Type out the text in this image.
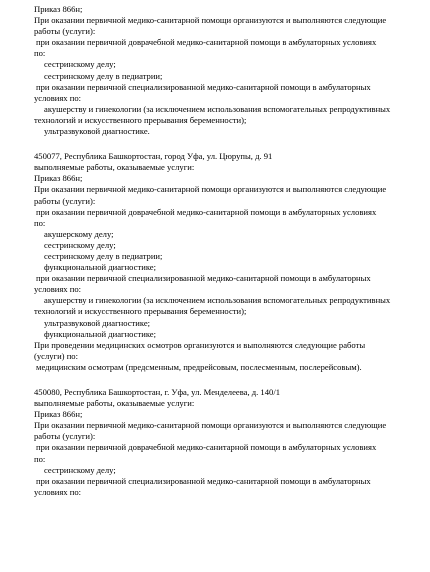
Приказ 866н;
При оказании первичной медико-санитарной помощи организуются и выполняются следующие
работы (услуги):
при оказании первичной доврачебной медико-санитарной помощи в амбулаторных условиях
по:
сестринскому делу;
сестринскому делу в педиатрии;
при оказании первичной специализированной медико-санитарной помощи в амбулаторных
условиях по:
акушерству и гинекологии (за исключением использования вспомогательных репродуктивных
технологий и искусственного прерывания беременности);
ультразвуковой диагностике.
450077, Республика Башкортостан, город Уфа, ул. Цюрупы, д. 91
выполняемые работы, оказываемые услуги:
Приказ 866н;
При оказании первичной медико-санитарной помощи организуются и выполняются следующие
работы (услуги):
при оказании первичной доврачебной медико-санитарной помощи в амбулаторных условиях
по:
акушерскому делу;
сестринскому делу;
сестринскому делу в педиатрии;
функциональной диагностике;
при оказании первичной специализированной медико-санитарной помощи в амбулаторных
условиях по:
акушерству и гинекологии (за исключением использования вспомогательных репродуктивных
технологий и искусственного прерывания беременности);
ультразвуковой диагностике;
функциональной диагностике;
При проведении медицинских осмотров организуются и выполняются следующие работы
(услуги) по:
медицинским осмотрам (предсменным, предрейсовым, послесменным, послерейсовым).
450080, Республика Башкортостан, г. Уфа, ул. Менделеева, д. 140/1
выполняемые работы, оказываемые услуги:
Приказ 866н;
При оказании первичной медико-санитарной помощи организуются и выполняются следующие
работы (услуги):
при оказании первичной доврачебной медико-санитарной помощи в амбулаторных условиях
по:
сестринскому делу;
при оказании первичной специализированной медико-санитарной помощи в амбулаторных
условиях по:
